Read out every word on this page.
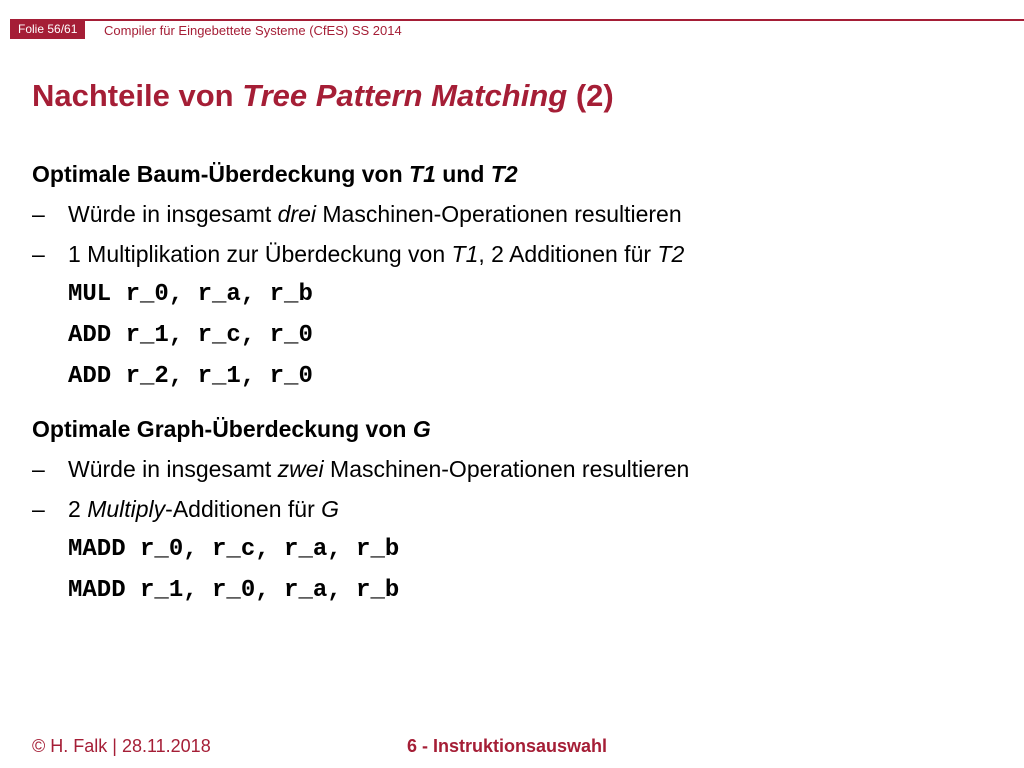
Folie 56/61	Compiler für Eingebettete Systeme (CfES) SS 2014
Nachteile von Tree Pattern Matching (2)
Optimale Baum-Überdeckung von T1 und T2
– Würde in insgesamt drei Maschinen-Operationen resultieren
– 1 Multiplikation zur Überdeckung von T1, 2 Additionen für T2
MUL r_0, r_a, r_b
ADD r_1, r_c, r_0
ADD r_2, r_1, r_0
Optimale Graph-Überdeckung von G
– Würde in insgesamt zwei Maschinen-Operationen resultieren
– 2 Multiply-Additionen für G
MADD r_0, r_c, r_a, r_b
MADD r_1, r_0, r_a, r_b
© H. Falk | 28.11.2018	6 - Instruktionsauswahl
